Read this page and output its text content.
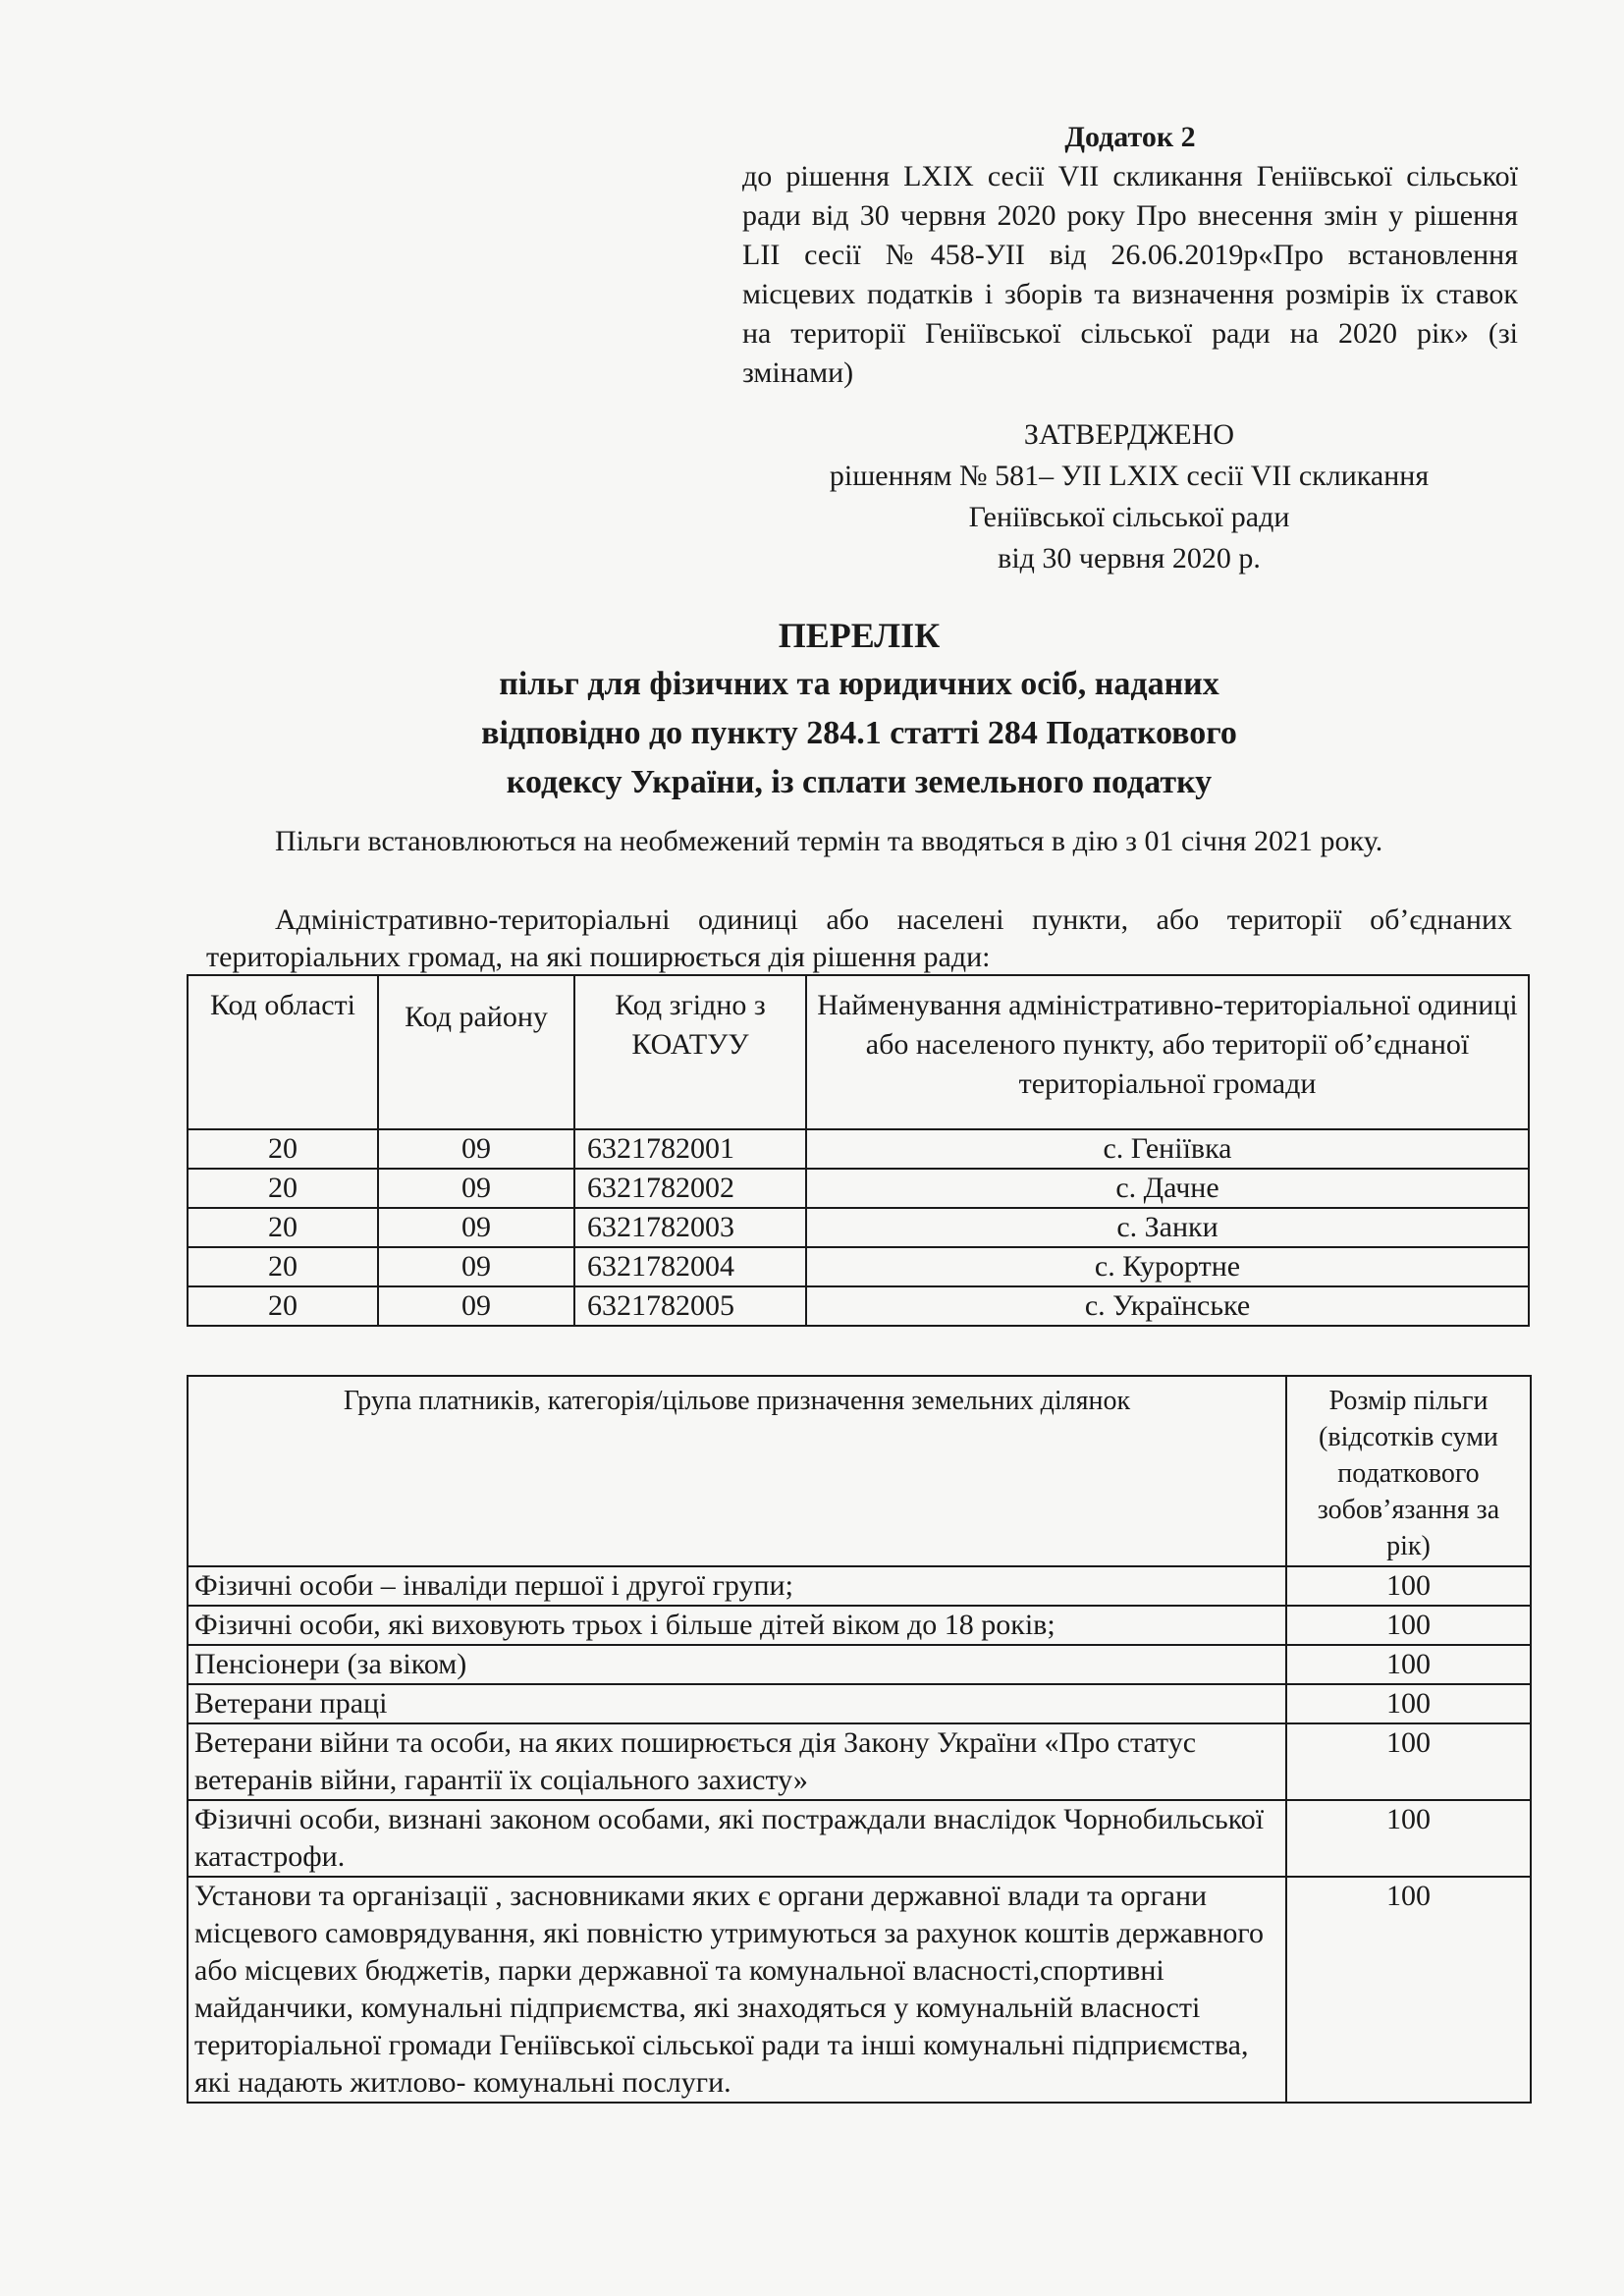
Додаток 2
до рішення LXIX сесії VII скликання Геніївської сільської ради від 30 червня 2020 року Про внесення змін у рішення LII сесії №458-УІІ від 26.06.2019р«Про встановлення місцевих податків і зборів та визначення розмірів їх ставок на території Геніївської сільської ради на 2020 рік» (зі змінами)
ЗАТВЕРДЖЕНО
рішенням № 581– УІІ LXIX сесії VII скликання
Геніївської сільської ради
від 30 червня 2020 р.
ПЕРЕЛІК
пільг для фізичних та юридичних осіб, наданих
відповідно до пункту 284.1 статті 284 Податкового
кодексу України, із сплати земельного податку
Пільги встановлюються на необмежений термін та вводяться в дію з 01 січня 2021 року.
Адміністративно-територіальні одиниці або населені пункти, або території об’єднаних територіальних громад, на які поширюється дія рішення ради:
Код області	Код району	Код згідно з КОАТУУ	Найменування адміністративно-територіальної одиниці або населеного пункту, або території об’єднаної територіальної громади
20	09	6321782001	с. Геніївка
20	09	6321782002	с. Дачне
20	09	6321782003	с. Занки
20	09	6321782004	с. Курортне
20	09	6321782005	с. Українське
Група платників, категорія/цільове призначення земельних ділянок	Розмір пільги (відсотків суми податкового зобов’язання за рік)
Фізичні особи – інваліди першої і другої групи;	100
Фізичні особи, які виховують трьох і більше дітей віком до 18 років;	100
Пенсіонери (за віком)	100
Ветерани праці	100
Ветерани війни та особи, на яких поширюється дія Закону України «Про статус ветеранів війни, гарантії їх соціального захисту»	100
Фізичні особи, визнані законом особами, які постраждали внаслідок Чорнобильської катастрофи.	100
Установи та організації , засновниками яких є органи державної влади та органи місцевого самоврядування, які повністю утримуються за рахунок коштів державного або місцевих бюджетів, парки державної та комунальної власності,спортивні майданчики, комунальні підприємства, які знаходяться у комунальній власності територіальної громади Геніївської сільської ради та інші комунальні підприємства, які надають житлово- комунальні послуги.	100
